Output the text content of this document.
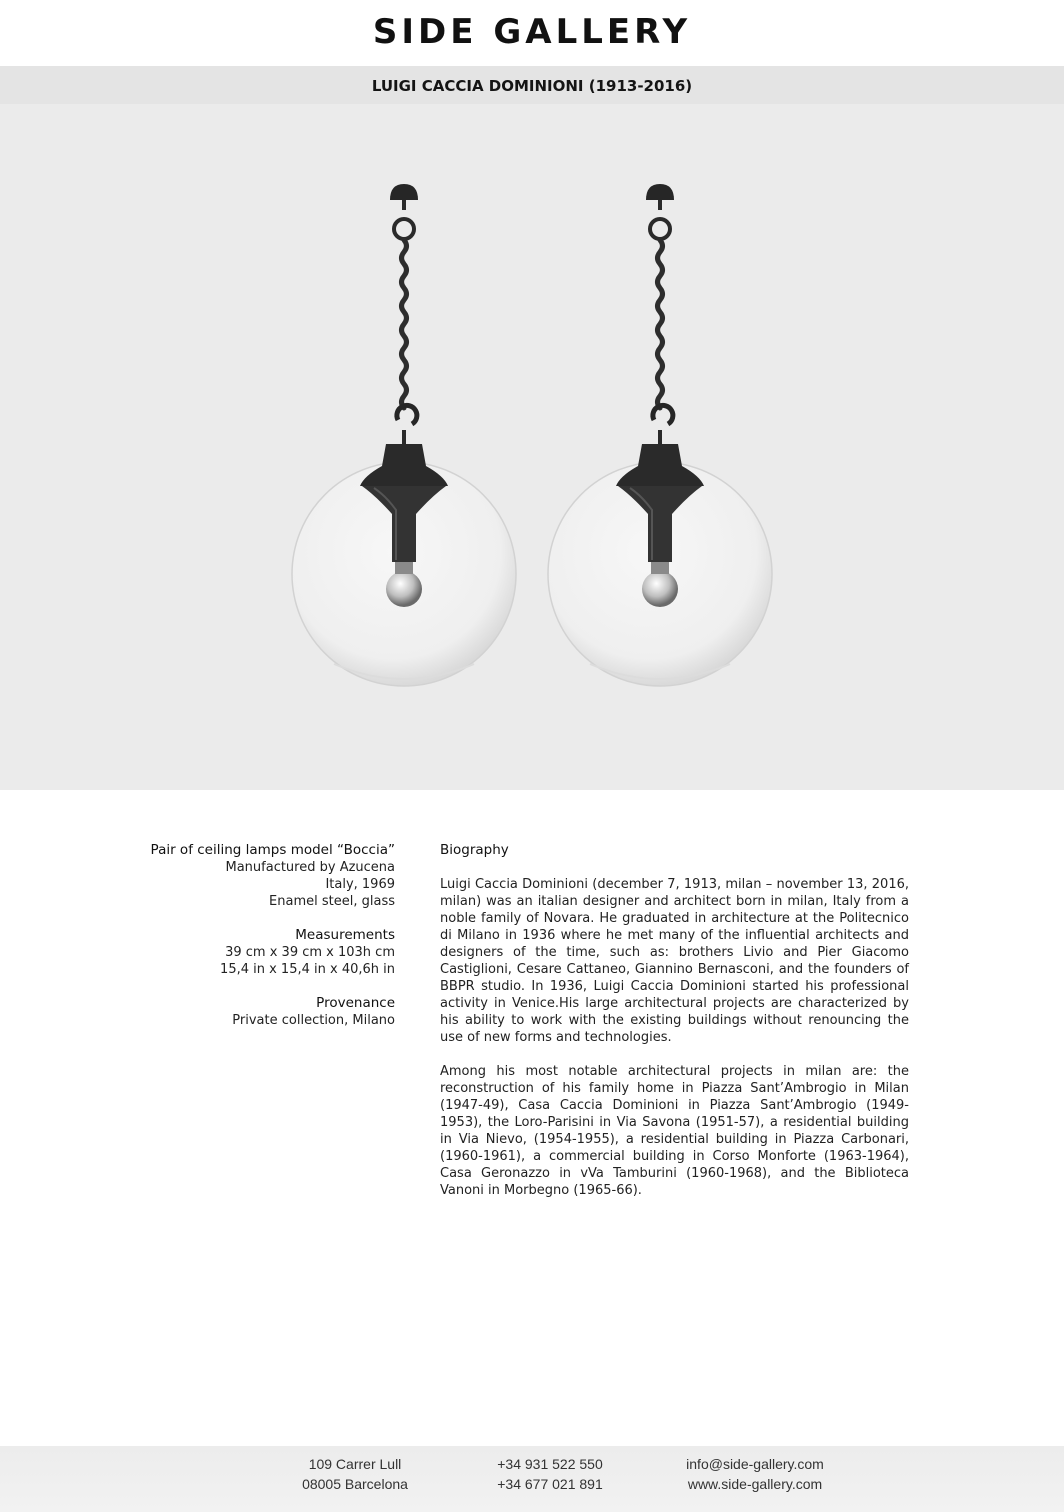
SIDE GALLERY
LUIGI CACCIA DOMINIONI (1913-2016)
Pair of ceiling lamps model “Boccia”
Manufactured by Azucena
Italy, 1969
Enamel steel, glass
Measurements
39 cm x 39 cm x 103h cm
15,4 in x 15,4 in x 40,6h in
Provenance
Private collection, Milano
Biography

Luigi Caccia Dominioni (december 7, 1913, milan – november 13, 2016, milan) was an italian designer and architect born in milan, Italy from a noble family of Novara. He graduated in architecture at the Politecnico di Milano in 1936 where he met many of the influential architects and designers of the time, such as: brothers Livio and Pier Giacomo Castiglioni, Cesare Cattaneo, Giannino Bernasconi, and the founders of BBPR studio. In 1936, Luigi Caccia Dominioni started his professional activity in Venice.His large architectural projects are characterized by his ability to work with the existing buildings without renouncing the use of new forms and technologies.

Among his most notable architectural projects in milan are: the reconstruction of his family home in Piazza Sant’Ambrogio in Milan (1947-49), Casa Caccia Dominioni in Piazza Sant’Ambrogio (1949-1953), the Loro-Parisini in Via Savona (1951-57), a residential building in Via Nievo, (1954-1955), a residential building in Piazza Carbonari, (1960-1961), a commercial building in Corso Monforte (1963-1964), Casa Geronazzo in vVa Tamburini (1960-1968), and the Biblioteca Vanoni in Morbegno (1965-66).

109 Carrer Lull
08005 Barcelona
+34 931 522 550
+34 677 021 891
info@side-gallery.com
www.side-gallery.com
